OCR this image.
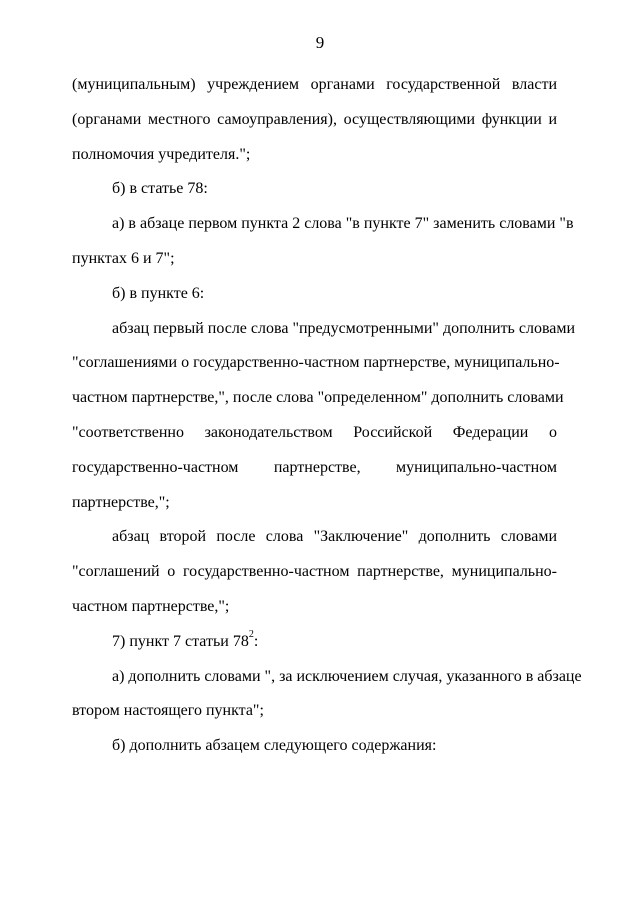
9
(муниципальным) учреждением органами государственной власти
(органами местного самоуправления), осуществляющими функции и
полномочия учредителя.";
б) в статье 78:
а) в абзаце первом пункта 2 слова "в пункте 7" заменить словами "в
пунктах 6 и 7";
б) в пункте 6:
абзац первый после слова "предусмотренными" дополнить словами
"соглашениями о государственно-частном партнерстве, муниципально-
частном партнерстве,", после слова "определенном" дополнить словами
"соответственно законодательством Российской Федерации о
государственно-частном партнерстве, муниципально-частном
партнерстве,";
абзац второй после слова "Заключение" дополнить словами
"соглашений о государственно-частном партнерстве, муниципально-
частном партнерстве,";
7) пункт 7 статьи $78^2$:
а) дополнить словами ", за исключением случая, указанного в абзаце
втором настоящего пункта";
б) дополнить абзацем следующего содержания:
